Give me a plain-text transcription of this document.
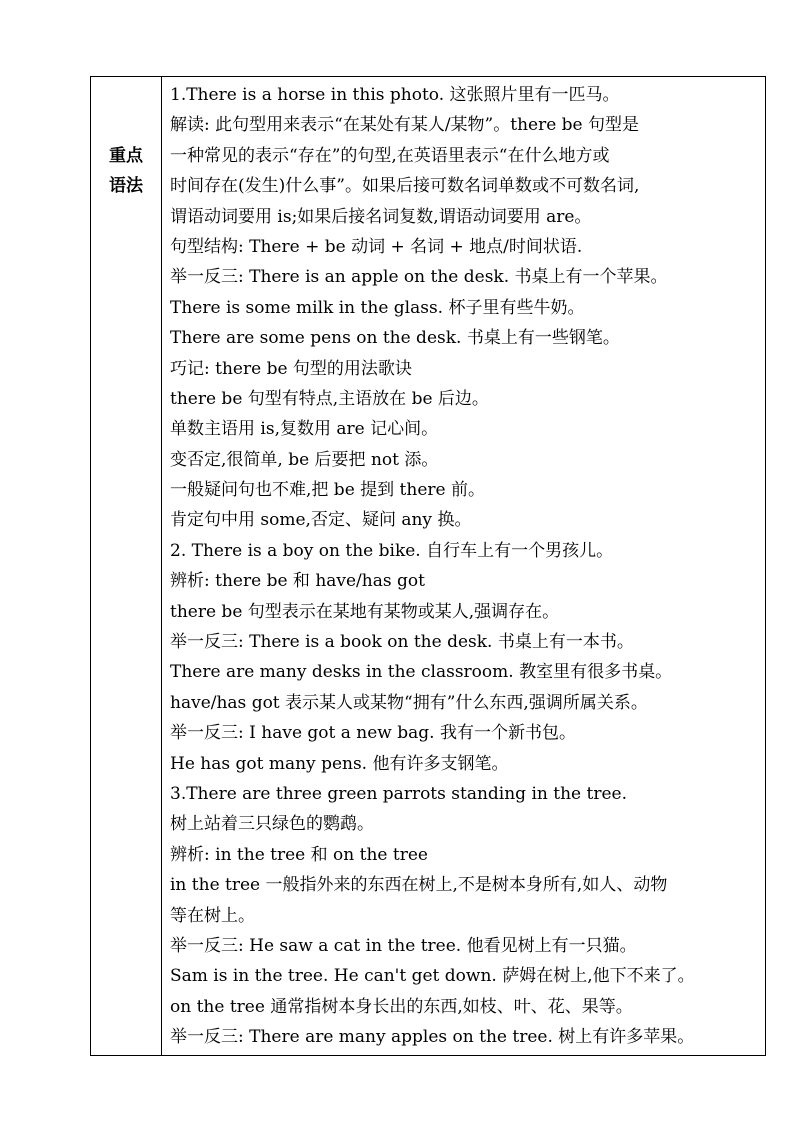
重点
语法
1.There is a horse in this photo. 这张照片里有一匹马。
解读: 此句型用来表示“在某处有某人/某物”。there be 句型是
一种常见的表示“存在”的句型,在英语里表示“在什么地方或
时间存在(发生)什么事”。如果后接可数名词单数或不可数名词,
谓语动词要用 is;如果后接名词复数,谓语动词要用 are。
句型结构: There + be 动词 + 名词 + 地点/时间状语.
举一反三: There is an apple on the desk. 书桌上有一个苹果。
There is some milk in the glass. 杯子里有些牛奶。
There are some pens on the desk. 书桌上有一些钢笔。
巧记: there be 句型的用法歌诀
there be 句型有特点,主语放在 be 后边。
单数主语用 is,复数用 are 记心间。
变否定,很简单, be 后要把 not 添。
一般疑问句也不难,把 be 提到 there 前。
肯定句中用 some,否定、疑问 any 换。
2. There is a boy on the bike. 自行车上有一个男孩儿。
辨析: there be 和 have/has got
there be 句型表示在某地有某物或某人,强调存在。
举一反三: There is a book on the desk. 书桌上有一本书。
There are many desks in the classroom. 教室里有很多书桌。
have/has got 表示某人或某物“拥有”什么东西,强调所属关系。
举一反三: I have got a new bag. 我有一个新书包。
He has got many pens. 他有许多支钢笔。
3.There are three green parrots standing in the tree.
树上站着三只绿色的鹦鹉。
辨析: in the tree 和 on the tree
in the tree 一般指外来的东西在树上,不是树本身所有,如人、动物
等在树上。
举一反三: He saw a cat in the tree. 他看见树上有一只猫。
Sam is in the tree. He can't get down. 萨姆在树上,他下不来了。
on the tree 通常指树本身长出的东西,如枝、叶、花、果等。
举一反三: There are many apples on the tree. 树上有许多苹果。
